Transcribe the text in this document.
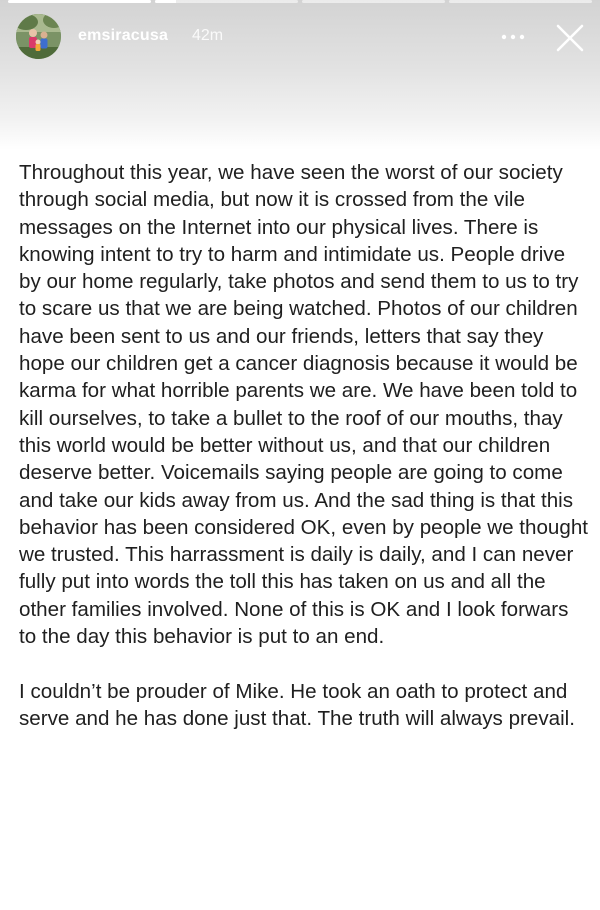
emsiracusa 42m

Throughout this year, we have seen the worst of our society through social media, but now it is crossed from the vile messages on the Internet into our physical lives. There is knowing intent to try to harm and intimidate us. People drive by our home regularly, take photos and send them to us to try to scare us that we are being watched. Photos of our children have been sent to us and our friends, letters that say they hope our children get a cancer diagnosis because it would be karma for what horrible parents we are. We have been told to kill ourselves, to take a bullet to the roof of our mouths, thay this world would be better without us, and that our children deserve better. Voicemails saying people are going to come and take our kids away from us. And the sad thing is that this behavior has been considered OK, even by people we thought we trusted. This harrassment is daily is daily, and I can never fully put into words the toll this has taken on us and all the other families involved. None of this is OK and I look forwars to the day this behavior is put to an end.

I couldn’t be prouder of Mike. He took an oath to protect and serve and he has done just that. The truth will always prevail.
